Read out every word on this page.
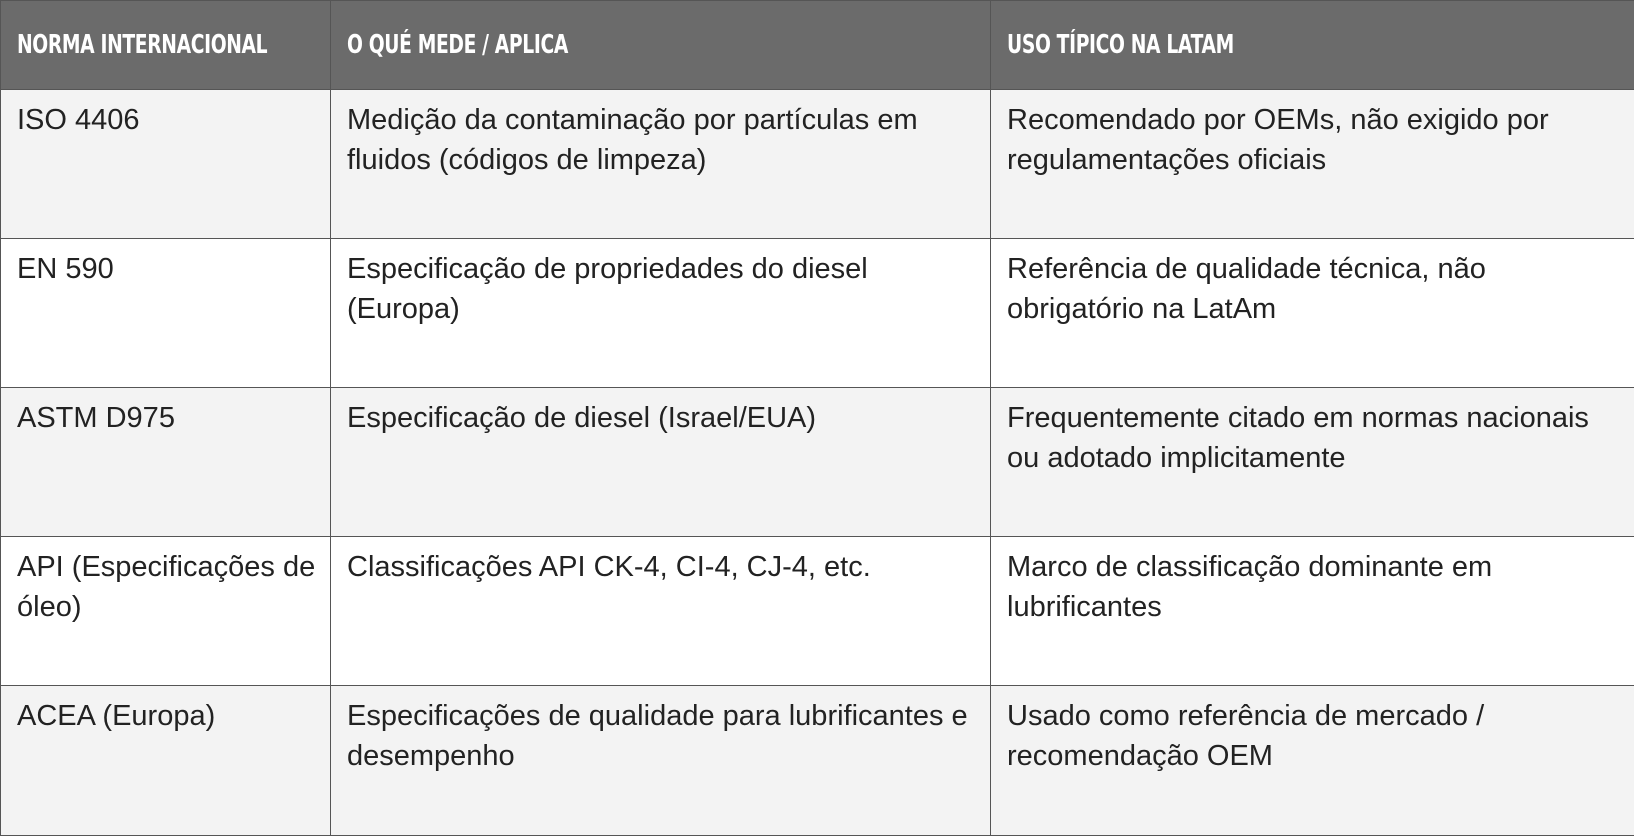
NORMA INTERNACIONAL	O QUÉ MEDE / APLICA	USO TÍPICO NA LATAM
ISO 4406	Medição da contaminação por partículas em fluidos (códigos de limpeza)	Recomendado por OEMs, não exigido por regulamentações oficiais
EN 590	Especificação de propriedades do diesel (Europa)	Referência de qualidade técnica, não obrigatório na LatAm
ASTM D975	Especificação de diesel (Israel/EUA)	Frequentemente citado em normas nacionais ou adotado implicitamente
API (Especificações de óleo)	Classificações API CK-4, CI-4, CJ-4, etc.	Marco de classificação dominante em lubrificantes
ACEA (Europa)	Especificações de qualidade para lubrificantes e desempenho	Usado como referência de mercado / recomendação OEM
